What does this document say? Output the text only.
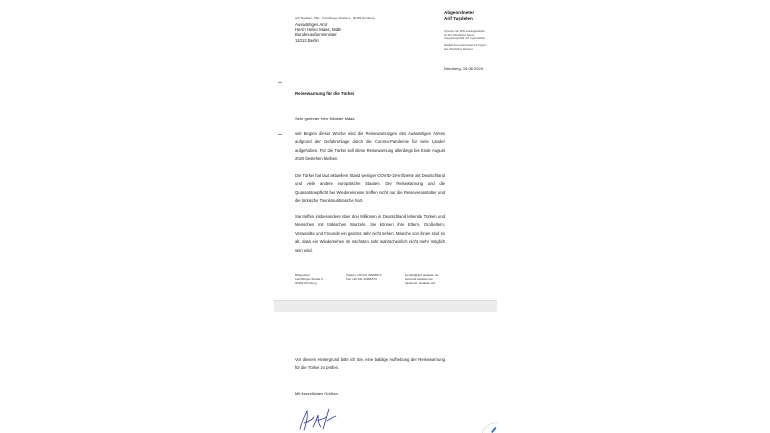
Arif Taşdelen, MdL · Karl-Bröger-Straße 9 · 90459 Nürnberg
Auswärtiges Amt
Herrn Heiko Maas, MdB
Bundesaußenminister
11013 Berlin
Abgeordneter
Arif Taşdelen
Sprecher der SPD-Landtagsfraktion
für den öffentlichen Dienst,
Integrationspolitik und Jugendarbeit
Mitglied des Ausschusses für Fragen
des öffentlichen Dienstes
Nürnberg, 15.06.2020
Reisewarnung für die Türkei
Sehr geehrter Herr Minister Maas,
seit Beginn dieser Woche sind die Reisewarnungen des Auswärtigen Amtes aufgrund der Gefahrenlage durch die Corona-Pandemie für viele Länder aufgehoben. Für die Türkei soll diese Reisewarnung allerdings bis Ende August 2020 bestehen bleiben.
Die Türkei hat laut aktuellem Stand weniger COVID-19-Infizierte als Deutschland und viele andere europäische Staaten. Die Reisewarnung und die Quarantänepflicht bei Wiedereinreise treffen nicht nur die Reiseveranstalter und die türkische Tourismusbranche hart.
Sie treffen insbesondere über drei Millionen in Deutschland lebende Türken und Menschen mit türkischen Wurzeln. Sie können ihre Eltern, Großeltern, Verwandte und Freunde ein ganzes Jahr nicht sehen. Manche von ihnen sind so alt, dass ein Wiedersehen im nächsten Jahr wahrscheinlich nicht mehr möglich sein wird.
Bürgerbüro
Karl-Bröger-Straße 9
90459 Nürnberg
Telefon +49 911 43996573
Fax +49 911 43996574
kontakt@arif-tasdelen.de
www.arif-tasdelen.de
facebook: tasdelen.arif
Vor diesem Hintergrund bitte ich Sie, eine baldige Aufhebung der Reisewarnung für die Türkei zu prüfen.
Mit freundlichen Grüßen
